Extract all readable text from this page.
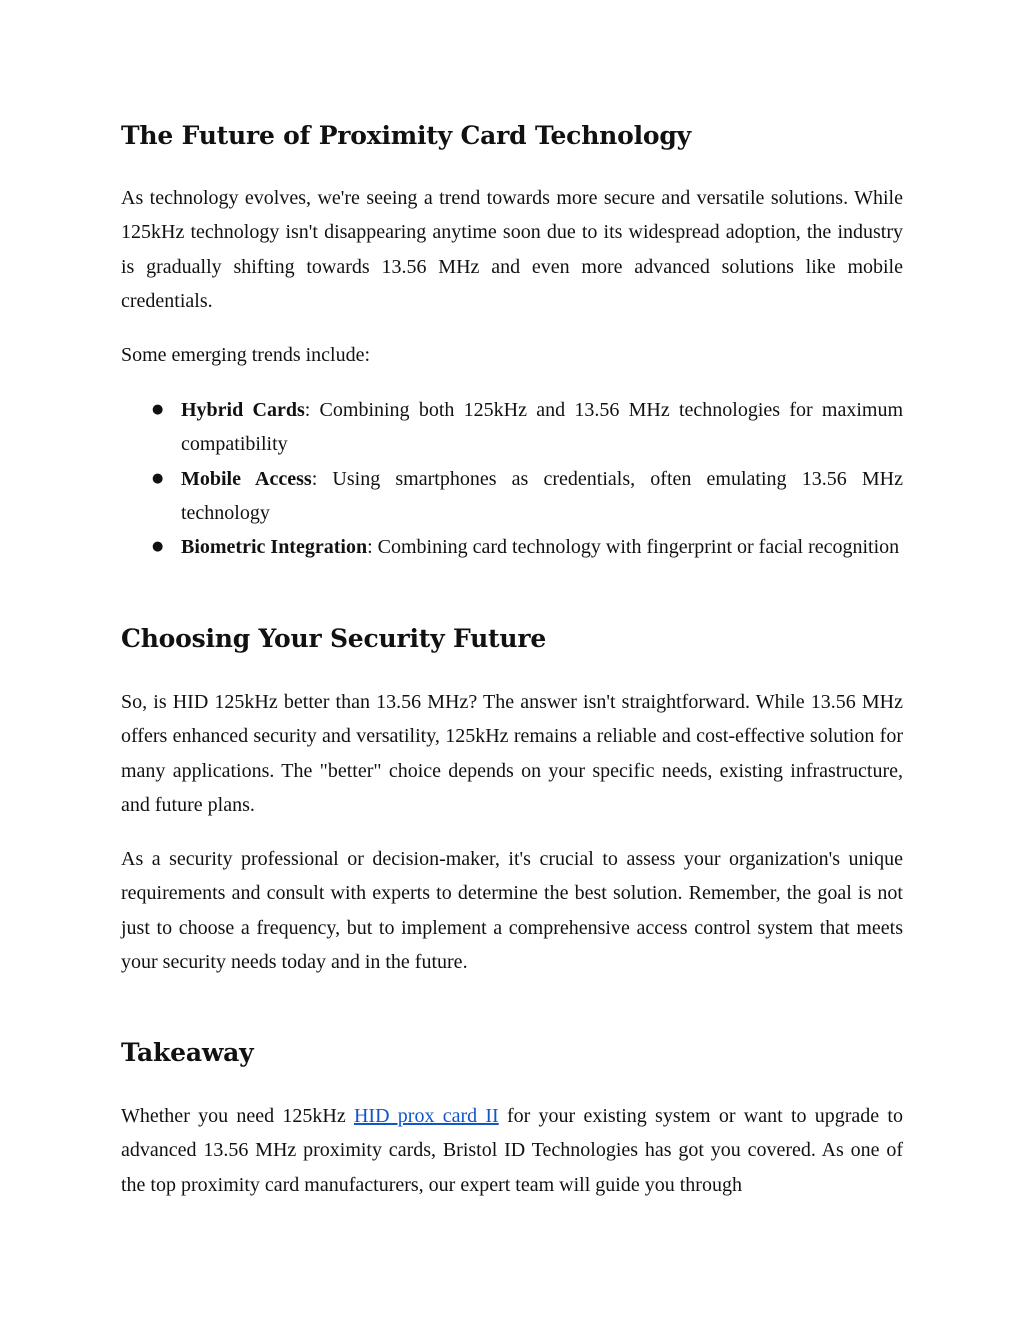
The Future of Proximity Card Technology

As technology evolves, we're seeing a trend towards more secure and versatile solutions. While 125kHz technology isn't disappearing anytime soon due to its widespread adoption, the industry is gradually shifting towards 13.56 MHz and even more advanced solutions like mobile credentials.

Some emerging trends include:

● Hybrid Cards: Combining both 125kHz and 13.56 MHz technologies for maximum compatibility
● Mobile Access: Using smartphones as credentials, often emulating 13.56 MHz technology
● Biometric Integration: Combining card technology with fingerprint or facial recognition
Choosing Your Security Future

So, is HID 125kHz better than 13.56 MHz? The answer isn't straightforward. While 13.56 MHz offers enhanced security and versatility, 125kHz remains a reliable and cost-effective solution for many applications. The "better" choice depends on your specific needs, existing infrastructure, and future plans.

As a security professional or decision-maker, it's crucial to assess your organization's unique requirements and consult with experts to determine the best solution. Remember, the goal is not just to choose a frequency, but to implement a comprehensive access control system that meets your security needs today and in the future.

Takeaway

Whether you need 125kHz HID prox card II for your existing system or want to upgrade to advanced 13.56 MHz proximity cards, Bristol ID Technologies has got you covered. As one of the top proximity card manufacturers, our expert team will guide you through
